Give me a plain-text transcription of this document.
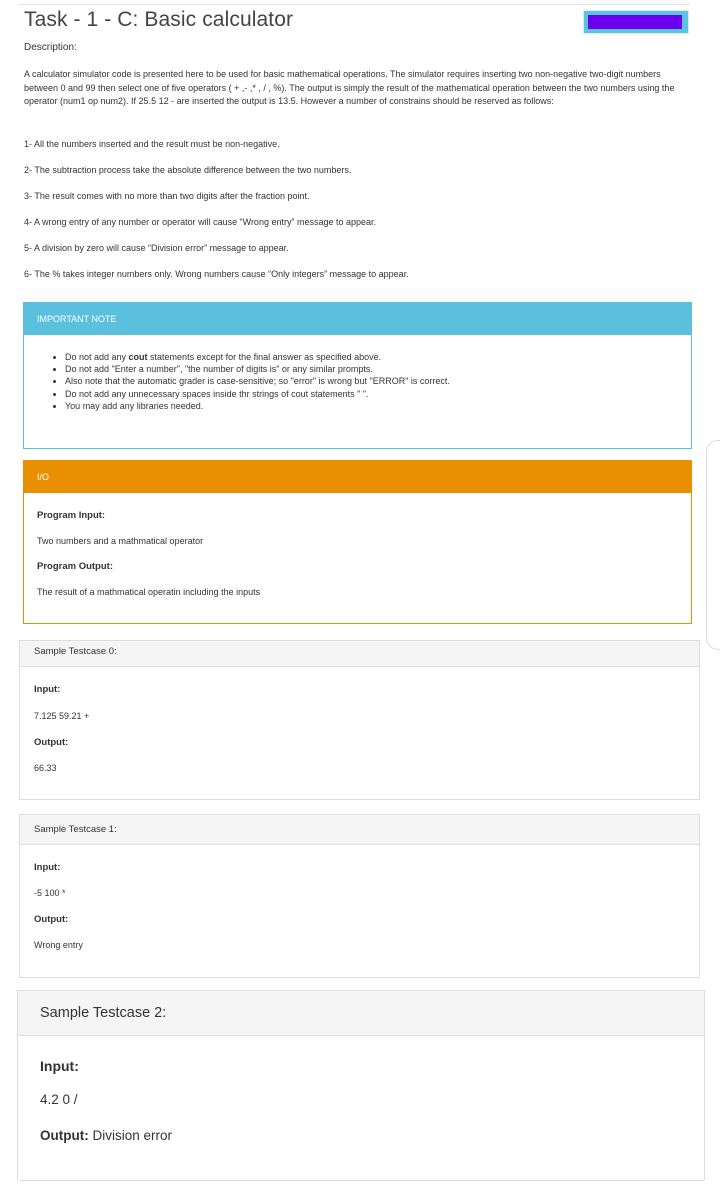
Task - 1 - C: Basic calculator
Description:
A calculator simulator code is presented here to be used for basic mathematical operations. The simulator requires inserting two non-negative two-digit numbers between 0 and 99 then select one of five operators ( + ,- ,* , / , %). The output is simply the result of the mathematical operation between the two numbers using the operator (num1 op num2). If 25.5 12 - are inserted the output is 13.5. However a number of constrains should be reserved as follows:
1- All the numbers inserted and the result must be non-negative.
2- The subtraction process take the absolute difference between the two numbers.
3- The result comes with no more than two digits after the fraction point.
4- A wrong entry of any number or operator will cause “Wrong entry” message to appear.
5- A division by zero will cause “Division error” message to appear.
6- The % takes integer numbers only. Wrong numbers cause “Only integers” message to appear.
IMPORTANT NOTE
• Do not add any cout statements except for the final answer as specified above.
• Do not add "Enter a number", "the number of digits is" or any similar prompts.
• Also note that the automatic grader is case-sensitive; so "error" is wrong but "ERROR" is correct.
• Do not add any unnecessary spaces inside thr strings of cout statements " ".
• You may add any libraries needed.
I/O
Program Input:
Two numbers and a mathmatical operator
Program Output:
The result of a mathmatical operatin including the inputs
Sample Testcase 0:
Input:
7.125 59.21 +
Output:
66.33
Sample Testcase 1:
Input:
-5 100 *
Output:
Wrong entry
Sample Testcase 2:
Input:
4.2 0 /
Output: Division error
